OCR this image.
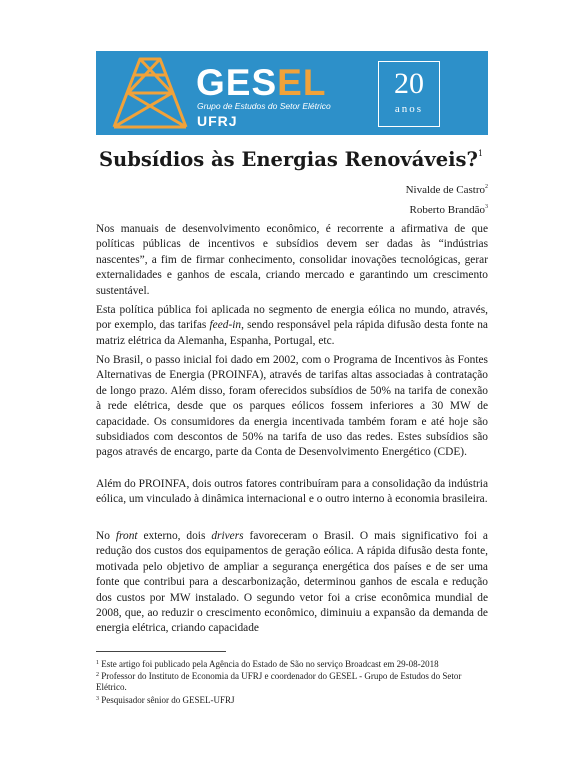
GESEL
Grupo de Estudos do Setor Elétrico
UFRJ
20
anos
Subsídios às Energias Renováveis?$^1$
Nivalde de Castro$^2$
Roberto Brandão$^3$

Nos manuais de desenvolvimento econômico, é recorrente a afirmativa de que políticas públicas de incentivos e subsídios devem ser dadas às “indústrias nascentes”, a fim de firmar conhecimento, consolidar inovações tecnológicas, gerar externalidades e ganhos de escala, criando mercado e garantindo um crescimento sustentável.

Esta política pública foi aplicada no segmento de energia eólica no mundo, através, por exemplo, das tarifas feed-in, sendo responsável pela rápida difusão desta fonte na matriz elétrica da Alemanha, Espanha, Portugal, etc.

No Brasil, o passo inicial foi dado em 2002, com o Programa de Incentivos às Fontes Alternativas de Energia (PROINFA), através de tarifas altas associadas à contratação de longo prazo. Além disso, foram oferecidos subsídios de 50% na tarifa de conexão à rede elétrica, desde que os parques eólicos fossem inferiores a 30 MW de capacidade. Os consumidores da energia incentivada também foram e até hoje são subsidiados com descontos de 50% na tarifa de uso das redes. Estes subsídios são pagos através de encargo, parte da Conta de Desenvolvimento Energético (CDE).

Além do PROINFA, dois outros fatores contribuíram para a consolidação da indústria eólica, um vinculado à dinâmica internacional e o outro interno à economia brasileira.

No front externo, dois drivers favoreceram o Brasil. O mais significativo foi a redução dos custos dos equipamentos de geração eólica. A rápida difusão desta fonte, motivada pelo objetivo de ampliar a segurança energética dos países e de ser uma fonte que contribui para a descarbonização, determinou ganhos de escala e redução dos custos por MW instalado. O segundo vetor foi a crise econômica mundial de 2008, que, ao reduzir o crescimento econômico, diminuiu a expansão da demanda de energia elétrica, criando capacidade

$^1$ Este artigo foi publicado pela Agência do Estado de São no serviço Broadcast em 29-08-2018

$^2$ Professor do Instituto de Economia da UFRJ e coordenador do GESEL - Grupo de Estudos do Setor Elétrico.

$^3$ Pesquisador sênior do GESEL-UFRJ
